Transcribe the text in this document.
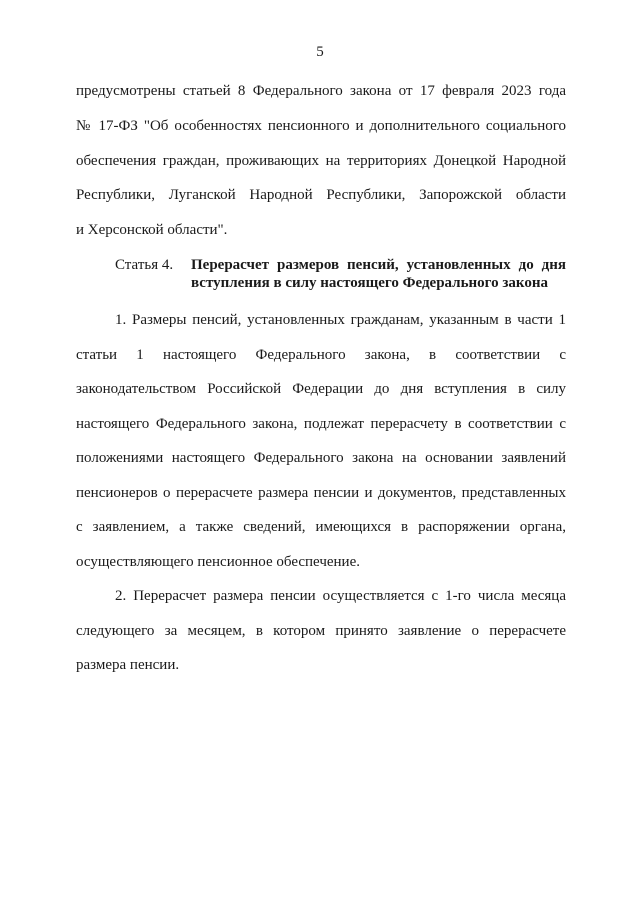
5
предусмотрены статьей 8 Федерального закона от 17 февраля 2023 года
№ 17-ФЗ "Об особенностях пенсионного и дополнительного социального
обеспечения граждан, проживающих на территориях Донецкой Народной
Республики, Луганской Народной Республики, Запорожской области
и Херсонской области".
Статья 4. Перерасчет размеров пенсий, установленных до дня
вступления в силу настоящего Федерального закона
1. Размеры пенсий, установленных гражданам, указанным в части 1
статьи 1 настоящего Федерального закона, в соответствии с
законодательством Российской Федерации до дня вступления в силу
настоящего Федерального закона, подлежат перерасчету в соответствии с
положениями настоящего Федерального закона на основании заявлений
пенсионеров о перерасчете размера пенсии и документов, представленных
с заявлением, а также сведений, имеющихся в распоряжении органа,
осуществляющего пенсионное обеспечение.
2. Перерасчет размера пенсии осуществляется с 1-го числа месяца
следующего за месяцем, в котором принято заявление о перерасчете
размера пенсии.
